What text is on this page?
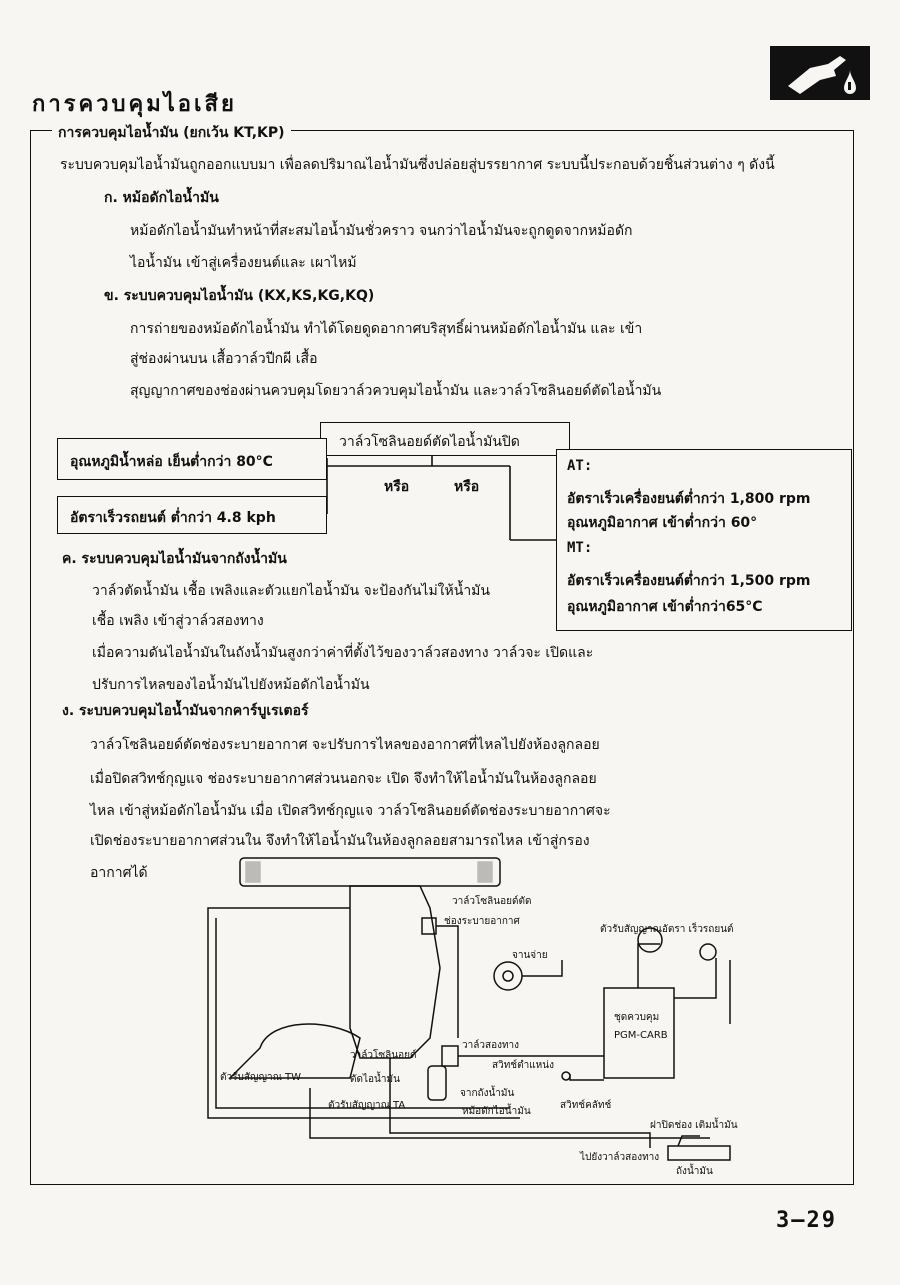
การควบคุมไอเสีย
การควบคุมไอน้ำมัน (ยกเว้น KT,KP)
ระบบควบคุมไอน้ำมันถูกออกแบบมา เพื่อลดปริมาณไอน้ำมันซึ่งปล่อยสู่บรรยากาศ ระบบนี้ประกอบด้วยชิ้นส่วนต่าง ๆ ดังนี้
ก. หม้อดักไอน้ำมัน
หม้อดักไอน้ำมันทำหน้าที่สะสมไอน้ำมันชั่วคราว จนกว่าไอน้ำมันจะถูกดูดจากหม้อดัก
ไอน้ำมัน เข้าสู่เครื่องยนต์และ เผาไหม้
ข. ระบบควบคุมไอน้ำมัน (KX,KS,KG,KQ)
การถ่ายของหม้อดักไอน้ำมัน ทำได้โดยดูดอากาศบริสุทธิ์ผ่านหม้อดักไอน้ำมัน และ เข้า
สู่ช่องผ่านบน เสื้อวาล์วปีกผี เสื้อ
สุญญากาศของช่องผ่านควบคุมโดยวาล์วควบคุมไอน้ำมัน และวาล์วโซลินอยด์ตัดไอน้ำมัน
วาล์วโซลินอยด์ตัดไอน้ำมันปิด
อุณหภูมิน้ำหล่อ เย็นต่ำกว่า 80°C
อัตราเร็วรถยนต์ ต่ำกว่า 4.8 kph
หรือ	หรือ
AT:
อัตราเร็วเครื่องยนต์ต่ำกว่า 1,800 rpm
อุณหภูมิอากาศ เข้าต่ำกว่า 60°
MT:
อัตราเร็วเครื่องยนต์ต่ำกว่า 1,500 rpm
อุณหภูมิอากาศ เข้าต่ำกว่า65°C
ค. ระบบควบคุมไอน้ำมันจากถังน้ำมัน
วาล์วตัดน้ำมัน เชื้อ เพลิงและตัวแยกไอน้ำมัน จะป้องกันไม่ให้น้ำมัน
เชื้อ เพลิง เข้าสู่วาล์วสองทาง
เมื่อความดันไอน้ำมันในถังน้ำมันสูงกว่าค่าที่ตั้งไว้ของวาล์วสองทาง วาล์วจะ เปิดและ
ปรับการไหลของไอน้ำมันไปยังหม้อดักไอน้ำมัน
ง. ระบบควบคุมไอน้ำมันจากคาร์บูเรเตอร์
วาล์วโซลินอยด์ตัดช่องระบายอากาศ จะปรับการไหลของอากาศที่ไหลไปยังห้องลูกลอย
เมื่อปิดสวิทช์กุญแจ ช่องระบายอากาศส่วนนอกจะ เปิด จึงทำให้ไอน้ำมันในห้องลูกลอย
ไหล เข้าสู่หม้อดักไอน้ำมัน เมื่อ เปิดสวิทช์กุญแจ วาล์วโซลินอยด์ตัดช่องระบายอากาศจะ
เปิดช่องระบายอากาศส่วนใน จึงทำให้ไอน้ำมันในห้องลูกลอยสามารถไหล เข้าสู่กรอง
อากาศได้
วาล์วโซลินอยด์ตัด
ช่องระบายอากาศ
ตัวรับสัญญาณอัตรา เร็วรถยนต์
จานจ่าย
ชุดควบคุม
PGM-CARB
วาล์วสองทาง
สวิทช์ตำแหน่ง
วาล์วโซลินอยด์
ตัดไอน้ำมัน
ตัวรับสัญญาณ TW
ตัวรับสัญญาณ TA
จากถังน้ำมัน
หม้อดักไอน้ำมัน
สวิทช์คลัทช์
ฝาปิดช่อง เติมน้ำมัน
ไปยังวาล์วสองทาง
ถังน้ำมัน
3–29
